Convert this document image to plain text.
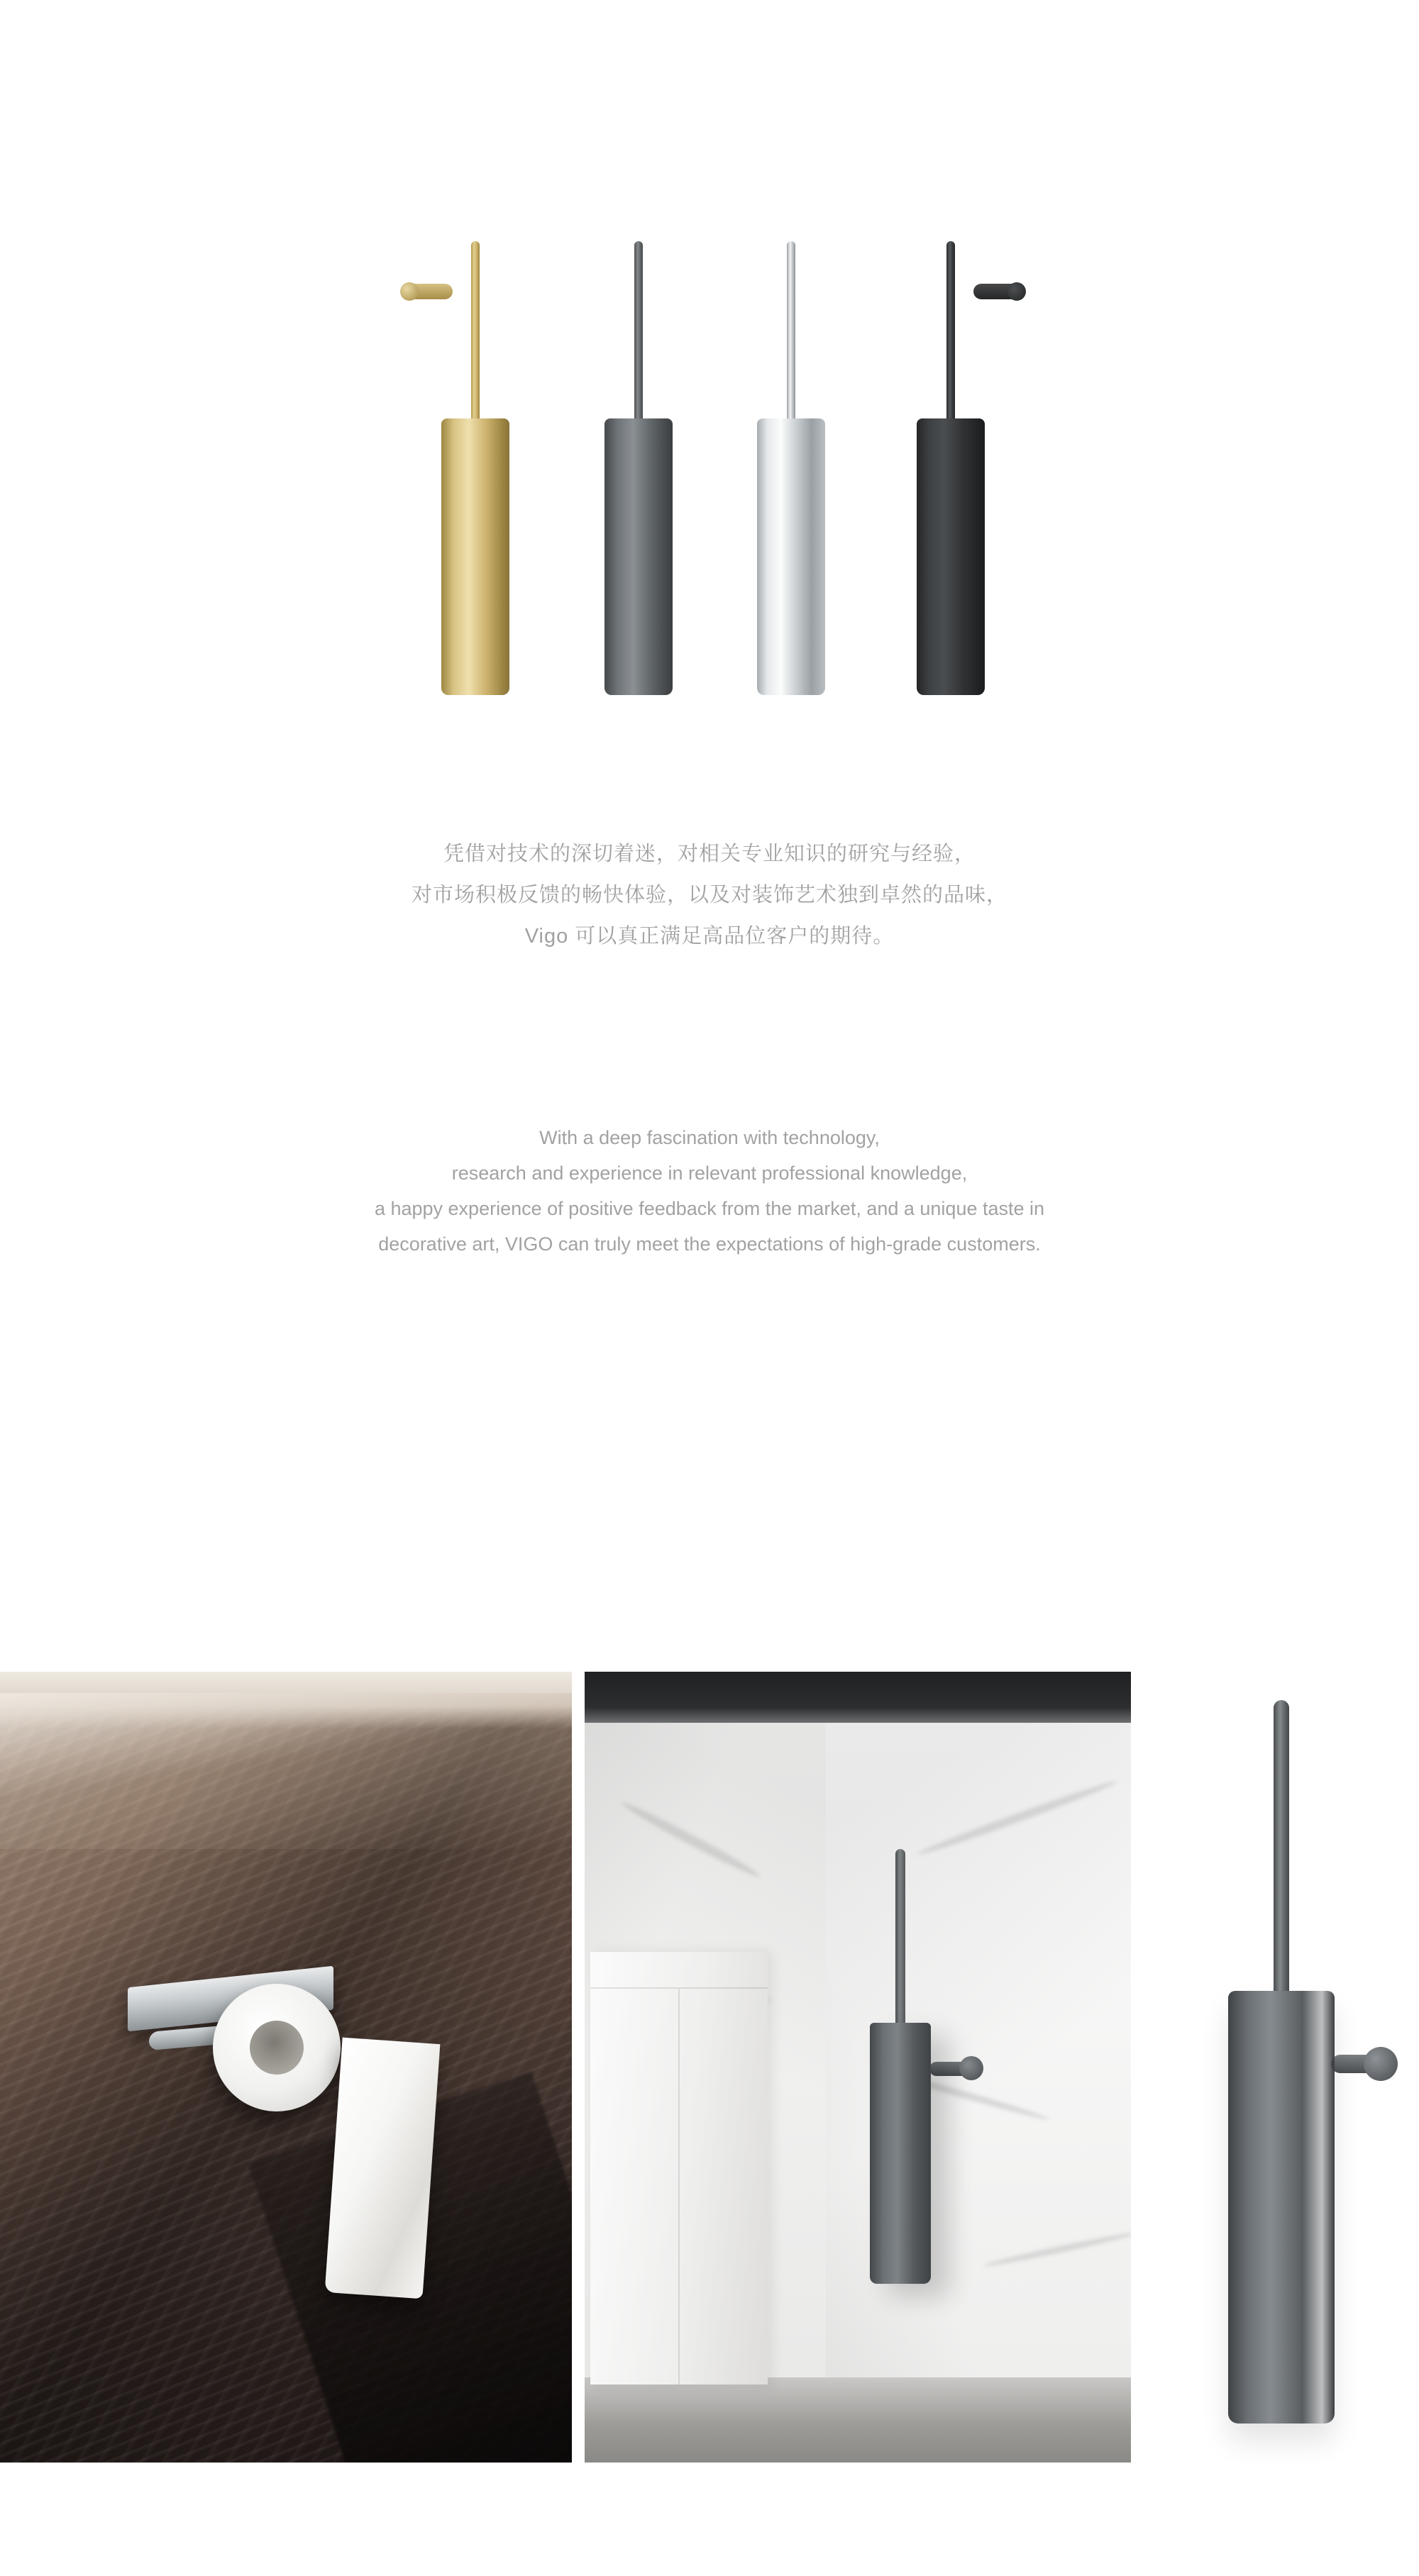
凭借对技术的深切着迷，对相关专业知识的研究与经验，
对市场积极反馈的畅快体验，以及对装饰艺术独到卓然的品味，
Vigo 可以真正满足高品位客户的期待。
With a deep fascination with technology,
research and experience in relevant professional knowledge,
a happy experience of positive feedback from the market, and a unique taste in
decorative art, VIGO can truly meet the expectations of high-grade customers.
